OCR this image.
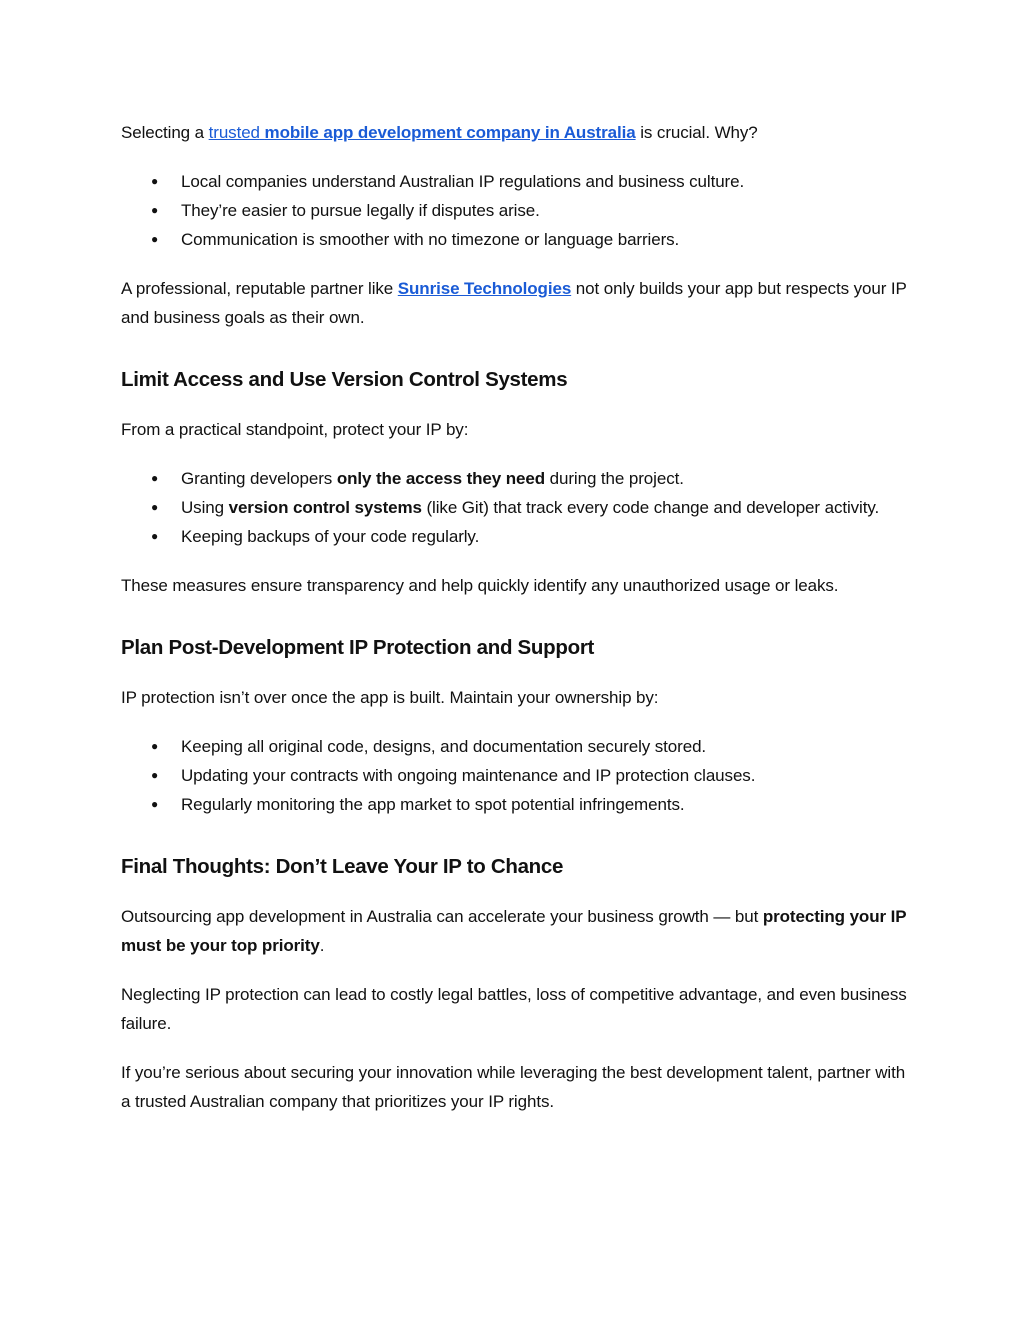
Selecting a trusted mobile app development company in Australia is crucial. Why?

● Local companies understand Australian IP regulations and business culture.
● They’re easier to pursue legally if disputes arise.
● Communication is smoother with no timezone or language barriers.

A professional, reputable partner like Sunrise Technologies not only builds your app but respects your IP and business goals as their own.

Limit Access and Use Version Control Systems

From a practical standpoint, protect your IP by:

● Granting developers only the access they need during the project.
● Using version control systems (like Git) that track every code change and developer activity.
● Keeping backups of your code regularly.

These measures ensure transparency and help quickly identify any unauthorized usage or leaks.

Plan Post-Development IP Protection and Support

IP protection isn’t over once the app is built. Maintain your ownership by:

● Keeping all original code, designs, and documentation securely stored.
● Updating your contracts with ongoing maintenance and IP protection clauses.
● Regularly monitoring the app market to spot potential infringements.
Final Thoughts: Don’t Leave Your IP to Chance

Outsourcing app development in Australia can accelerate your business growth — but protecting your IP must be your top priority.

Neglecting IP protection can lead to costly legal battles, loss of competitive advantage, and even business failure.

If you’re serious about securing your innovation while leveraging the best development talent, partner with a trusted Australian company that prioritizes your IP rights.
